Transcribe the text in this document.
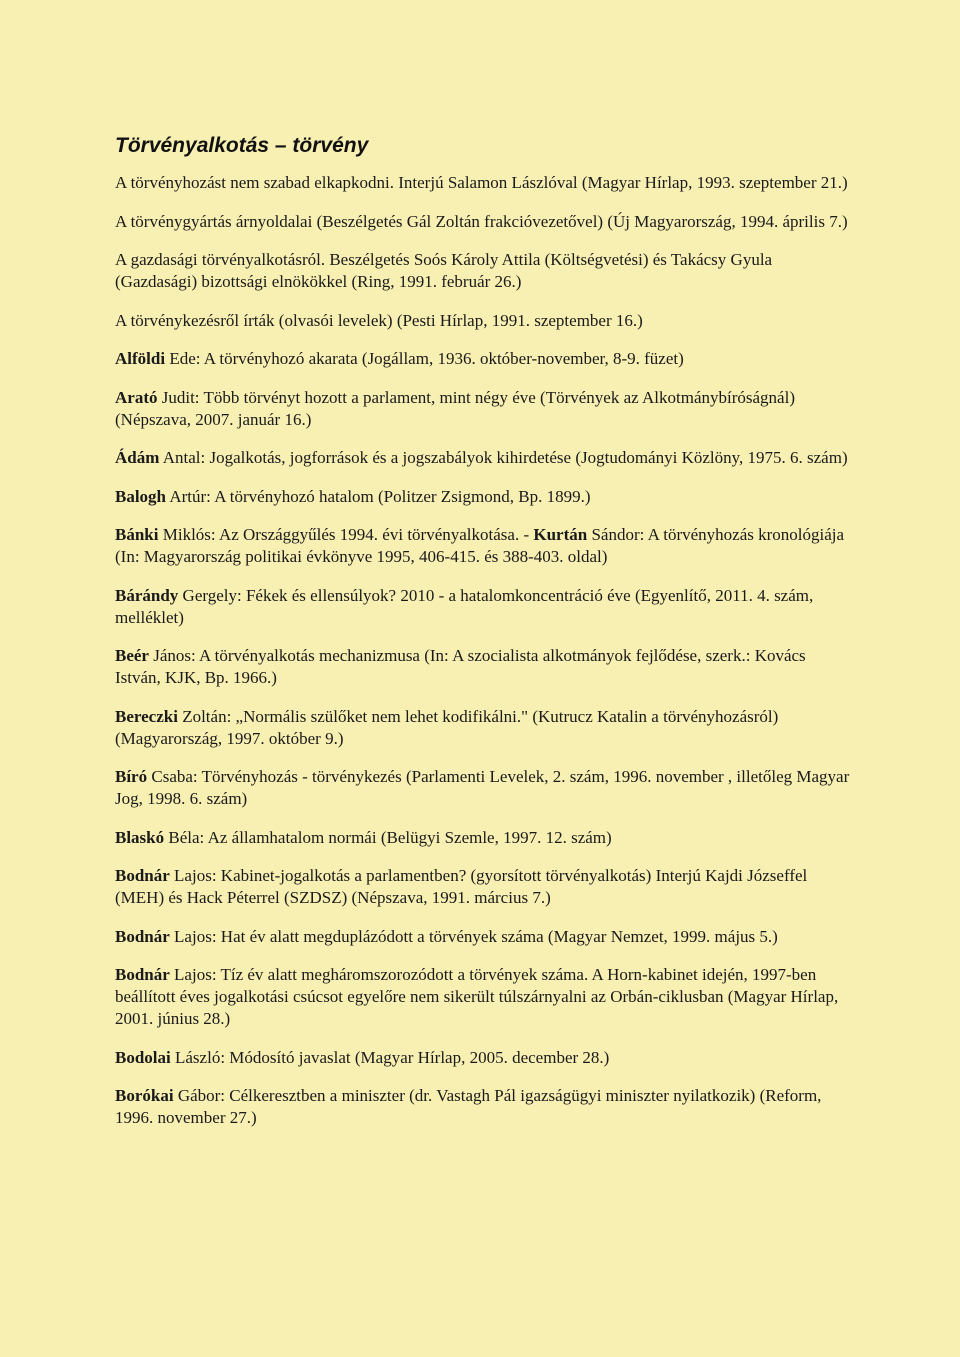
Törvényalkotás – törvény

A törvényhozást nem szabad elkapkodni. Interjú Salamon Lászlóval (Magyar Hírlap, 1993. szeptember 21.)

A törvénygyártás árnyoldalai (Beszélgetés Gál Zoltán frakcióvezetővel) (Új Magyarország, 1994. április 7.)

A gazdasági törvényalkotásról. Beszélgetés Soós Károly Attila (Költségvetési) és Takácsy Gyula (Gazdasági) bizottsági elnökökkel (Ring, 1991. február 26.)

A törvénykezésről írták (olvasói levelek) (Pesti Hírlap, 1991. szeptember 16.)

Alföldi Ede: A törvényhozó akarata (Jogállam, 1936. október-november, 8-9. füzet)

Arató Judit: Több törvényt hozott a parlament, mint négy éve (Törvények az Alkotmánybíróságnál) (Népszava, 2007. január 16.)

Ádám Antal: Jogalkotás, jogforrások és a jogszabályok kihirdetése (Jogtudományi Közlöny, 1975. 6. szám)

Balogh Artúr: A törvényhozó hatalom (Politzer Zsigmond, Bp. 1899.)

Bánki Miklós: Az Országgyűlés 1994. évi törvényalkotása. - Kurtán Sándor: A törvényhozás kronológiája (In: Magyarország politikai évkönyve 1995, 406-415. és 388-403. oldal)

Bárándy Gergely: Fékek és ellensúlyok? 2010 - a hatalomkoncentráció éve (Egyenlítő, 2011. 4. szám, melléklet)

Beér János: A törvényalkotás mechanizmusa (In: A szocialista alkotmányok fejlődése, szerk.: Kovács István, KJK, Bp. 1966.)

Bereczki Zoltán: „Normális szülőket nem lehet kodifikálni." (Kutrucz Katalin a törvényhozásról) (Magyarország, 1997. október 9.)

Bíró Csaba: Törvényhozás - törvénykezés (Parlamenti Levelek, 2. szám, 1996. november , illetőleg Magyar Jog, 1998. 6. szám)

Blaskó Béla: Az államhatalom normái (Belügyi Szemle, 1997. 12. szám)

Bodnár Lajos: Kabinet-jogalkotás a parlamentben? (gyorsított törvényalkotás) Interjú Kajdi Józseffel (MEH) és Hack Péterrel (SZDSZ) (Népszava, 1991. március 7.)

Bodnár Lajos: Hat év alatt megduplázódott a törvények száma (Magyar Nemzet, 1999. május 5.)

Bodnár Lajos: Tíz év alatt megháromszorozódott a törvények száma. A Horn-kabinet idején, 1997-ben beállított éves jogalkotási csúcsot egyelőre nem sikerült túlszárnyalni az Orbán-ciklusban (Magyar Hírlap, 2001. június 28.)

Bodolai László: Módosító javaslat (Magyar Hírlap, 2005. december 28.)

Borókai Gábor: Célkeresztben a miniszter (dr. Vastagh Pál igazságügyi miniszter nyilatkozik) (Reform, 1996. november 27.)
